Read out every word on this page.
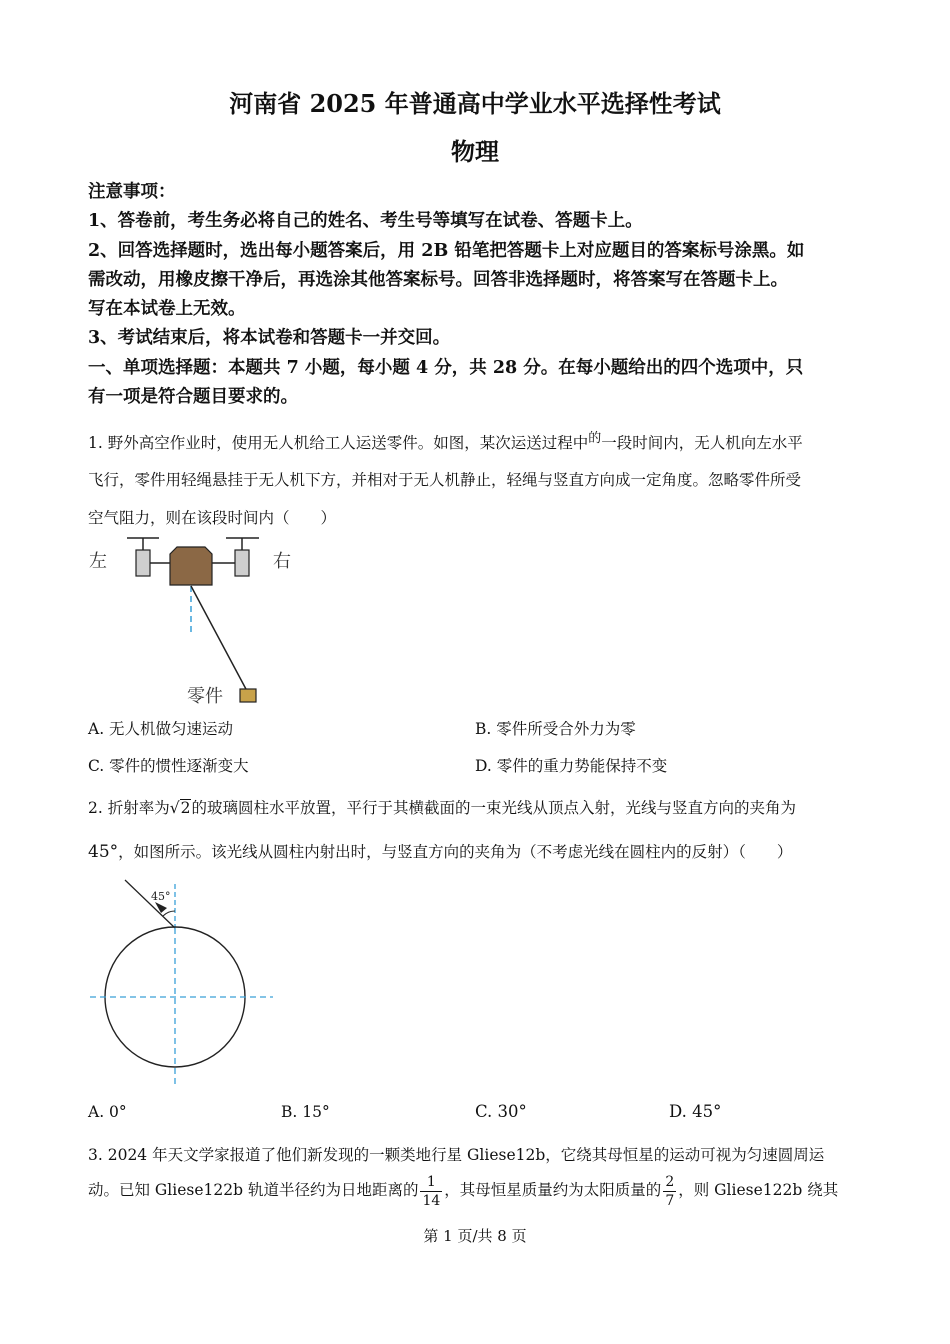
河南省 2025 年普通高中学业水平选择性考试
物理
注意事项：
1、答卷前，考生务必将自己的姓名、考生号等填写在试卷、答题卡上。
2、回答选择题时，选出每小题答案后，用 2B 铅笔把答题卡上对应题目的答案标号涂黑。如
需改动，用橡皮擦干净后，再选涂其他答案标号。回答非选择题时，将答案写在答题卡上。
写在本试卷上无效。
3、考试结束后，将本试卷和答题卡一并交回。
一、单项选择题：本题共 7 小题，每小题 4 分，共 28 分。在每小题给出的四个选项中，只
有一项是符合题目要求的。
1. 野外高空作业时，使用无人机给工人运送零件。如图，某次运送过程中$^的$一段时间内，无人机向左水平
飞行，零件用轻绳悬挂于无人机下方，并相对于无人机静止，轻绳与竖直方向成一定角度。忽略零件所受
空气阻力，则在该段时间内（　　）
左	右
零件
A. 无人机做匀速运动	B. 零件所受合外力为零
C. 零件的惯性逐渐变大	D. 零件的重力势能保持不变
2. 折射率为√2的玻璃圆柱水平放置，平行于其横截面的一束光线从顶点入射，光线与竖直方向的夹角为
45°，如图所示。该光线从圆柱内射出时，与竖直方向的夹角为（不考虑光线在圆柱内的反射）（　　）
45°
A. 0°	B. 15°	C. 30°	D. 45°
3. 2024 年天文学家报道了他们新发现的一颗类地行星 Gliese12b，它绕其母恒星的运动可视为匀速圆周运
动。已知 Gliese122b 轨道半径约为日地距离的 $\frac{1}{14}$ ，其母恒星质量约为太阳质量的 $\frac{2}{7}$ ，则 Gliese122b 绕其
第 1 页/共 8 页
